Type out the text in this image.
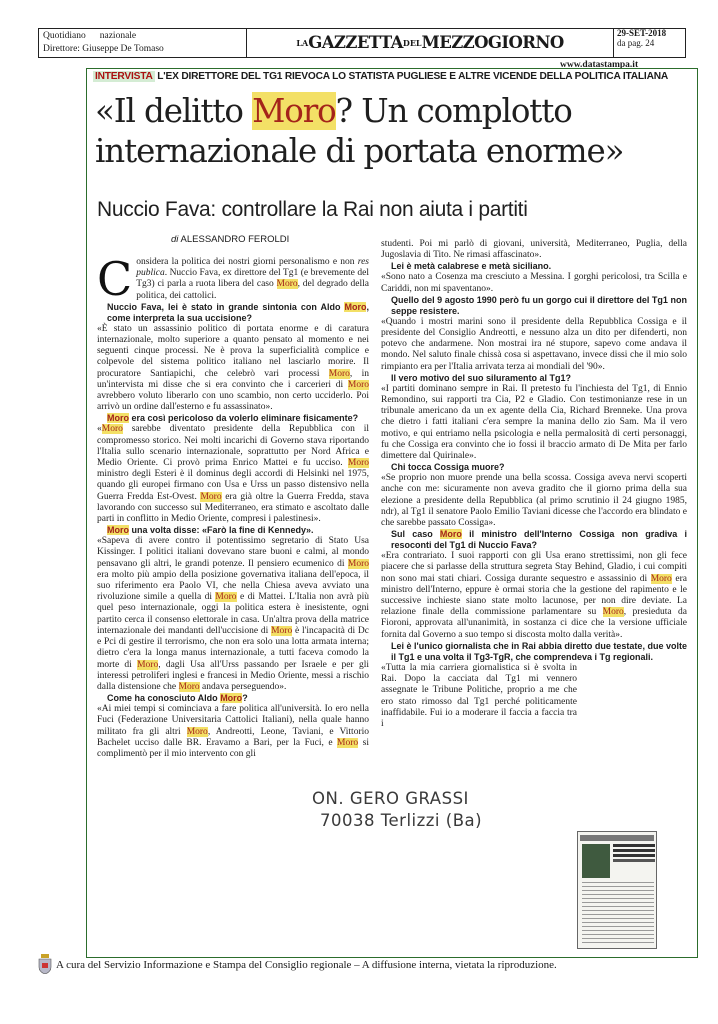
Quotidiano nazionale
Direttore: Giuseppe De Tomaso
LAGAZZETTADELMEZZOGIORNO	29-SET-2018
da pag. 24
www.datastampa.it
INTERVISTA L'EX DIRETTORE DEL TG1 RIEVOCA LO STATISTA PUGLIESE E ALTRE VICENDE DELLA POLITICA ITALIANA
«Il delitto Moro? Un complotto
internazionale di portata enorme»
Nuccio Fava: controllare la Rai non aiuta i partiti
di ALESSANDRO FEROLDI

Considera la politica dei nostri giorni personalismo e non res publica. Nuccio Fava, ex direttore del Tg1 (e brevemente del Tg3) ci parla a ruota libera del caso Moro, del degrado della politica, dei cattolici.

Nuccio Fava, lei è stato in grande sintonia con Aldo Moro, come interpreta la sua uccisione?

«È stato un assassinio politico di portata enorme e di caratura internazionale, molto superiore a quanto pensato al momento e nei seguenti cinque processi. Ne è prova la superficialità complice e colpevole del sistema politico italiano nel lasciarlo morire. Il procuratore Santiapichi, che celebrò vari processi Moro, in un'intervista mi disse che si era convinto che i carcerieri di Moro avrebbero voluto liberarlo con uno scambio, non certo ucciderlo. Poi arrivò un ordine dall'esterno e fu assassinato».

Moro era così pericoloso da volerlo eliminare fisicamente?

«Moro sarebbe diventato presidente della Repubblica con il compromesso storico. Nei molti incarichi di Governo stava riportando l'Italia sullo scenario internazionale, soprattutto per Nord Africa e Medio Oriente. Ci provò prima Enrico Mattei e fu ucciso. Moro ministro degli Esteri è il dominus degli accordi di Helsinki nel 1975, quando gli europei firmano con Usa e Urss un passo distensivo nella Guerra Fredda Est-Ovest. Moro era già oltre la Guerra Fredda, stava lavorando con successo sul Mediterraneo, era stimato e ascoltato dalle parti in conflitto in Medio Oriente, compresi i palestinesi».

Moro una volta disse: «Farò la fine di Kennedy».

«Sapeva di avere contro il potentissimo segretario di Stato Usa Kissinger. I politici italiani dovevano stare buoni e calmi, al mondo pensavano gli altri, le grandi potenze. Il pensiero ecumenico di Moro era molto più ampio della posizione governativa italiana dell'epoca, il suo riferimento era Paolo VI, che nella Chiesa aveva avviato una rivoluzione simile a quella di Moro e di Mattei. L'Italia non avrà più quel peso internazionale, oggi la politica estera è inesistente, ogni partito cerca il consenso elettorale in casa. Un'altra prova della matrice internazionale dei mandanti dell'uccisione di Moro è l'incapacità di Dc e Pci di gestire il terrorismo, che non era solo una lotta armata interna; dietro c'era la longa manus internazionale, a tutti faceva comodo la morte di Moro, dagli Usa all'Urss passando per Israele e per gli interessi petroliferi inglesi e francesi in Medio Oriente, messi a rischio dalla distensione che Moro andava perseguendo».

Come ha conosciuto Aldo Moro?

«Ai miei tempi si cominciava a fare politica all'università. Io ero nella Fuci (Federazione Universitaria Cattolici Italiani), nella quale hanno militato fra gli altri Moro, Andreotti, Leone, Taviani, e Vittorio Bachelet ucciso dalle BR. Eravamo a Bari, per la Fuci, e Moro si complimentò per il mio intervento con gli

studenti. Poi mi parlò di giovani, università, Mediterraneo, Puglia, della Jugoslavia di Tito. Ne rimasi affascinato».

Lei è metà calabrese e metà siciliano.

«Sono nato a Cosenza ma cresciuto a Messina. I gorghi pericolosi, tra Scilla e Cariddi, non mi spaventano».

Quello del 9 agosto 1990 però fu un gorgo cui il direttore del Tg1 non seppe resistere.

«Quando i mostri marini sono il presidente della Repubblica Cossiga e il presidente del Consiglio Andreotti, e nessuno alza un dito per difenderti, non potevo che andarmene. Non mostrai ira né stupore, sapevo come andava il mondo. Nel saluto finale chissà cosa si aspettavano, invece dissi che il mio solo rimpianto era per l'Italia arrivata terza ai mondiali del '90».

Il vero motivo del suo siluramento al Tg1?

«I partiti dominano sempre in Rai. Il pretesto fu l'inchiesta del Tg1, di Ennio Remondino, sui rapporti tra Cia, P2 e Gladio. Con testimonianze rese in un tribunale americano da un ex agente della Cia, Richard Brenneke. Una prova che dietro i fatti italiani c'era sempre la manina dello zio Sam. Ma il vero motivo, e qui entriamo nella psicologia e nella permalosità di certi personaggi, fu che Cossiga era convinto che io fossi il braccio armato di De Mita per farlo dimettere dal Quirinale».

Chi tocca Cossiga muore?

«Se proprio non muore prende una bella scossa. Cossiga aveva nervi scoperti anche con me: sicuramente non aveva gradito che il giorno prima della sua elezione a presidente della Repubblica (al primo scrutinio il 24 giugno 1985, ndr), al Tg1 il senatore Paolo Emilio Taviani dicesse che l'accordo era blindato e che sarebbe passato Cossiga».

Sul caso Moro il ministro dell'Interno Cossiga non gradiva i resoconti del Tg1 di Nuccio Fava?

«Era contrariato. I suoi rapporti con gli Usa erano strettissimi, non gli fece piacere che si parlasse della struttura segreta Stay Behind, Gladio, i cui compiti non sono mai stati chiari. Cossiga durante sequestro e assassinio di Moro era ministro dell'Interno, eppure è ormai storia che la gestione del rapimento e le successive inchieste siano state molto lacunose, per non dire deviate. La relazione finale della commissione parlamentare su Moro, presieduta da Fioroni, approvata all'unanimità, in sostanza ci dice che la versione ufficiale fornita dal Governo a suo tempo si discosta molto dalla verità».

Lei è l'unico giornalista che in Rai abbia diretto due testate, due volte il Tg1 e una volta il Tg3-TgR, che comprendeva i Tg regionali.

«Tutta la mia carriera giornalistica si è svolta in Rai. Dopo la cacciata dal Tg1 mi vennero assegnate le Tribune Politiche, proprio a me che ero stato rimosso dal Tg1 perché politicamente inaffidabile. Fui io a moderare il faccia a faccia tra i

ON. GERO GRASSI
70038 Terlizzi (Ba)
A cura del Servizio Informazione e Stampa del Consiglio regionale – A diffusione interna, vietata la riproduzione.
